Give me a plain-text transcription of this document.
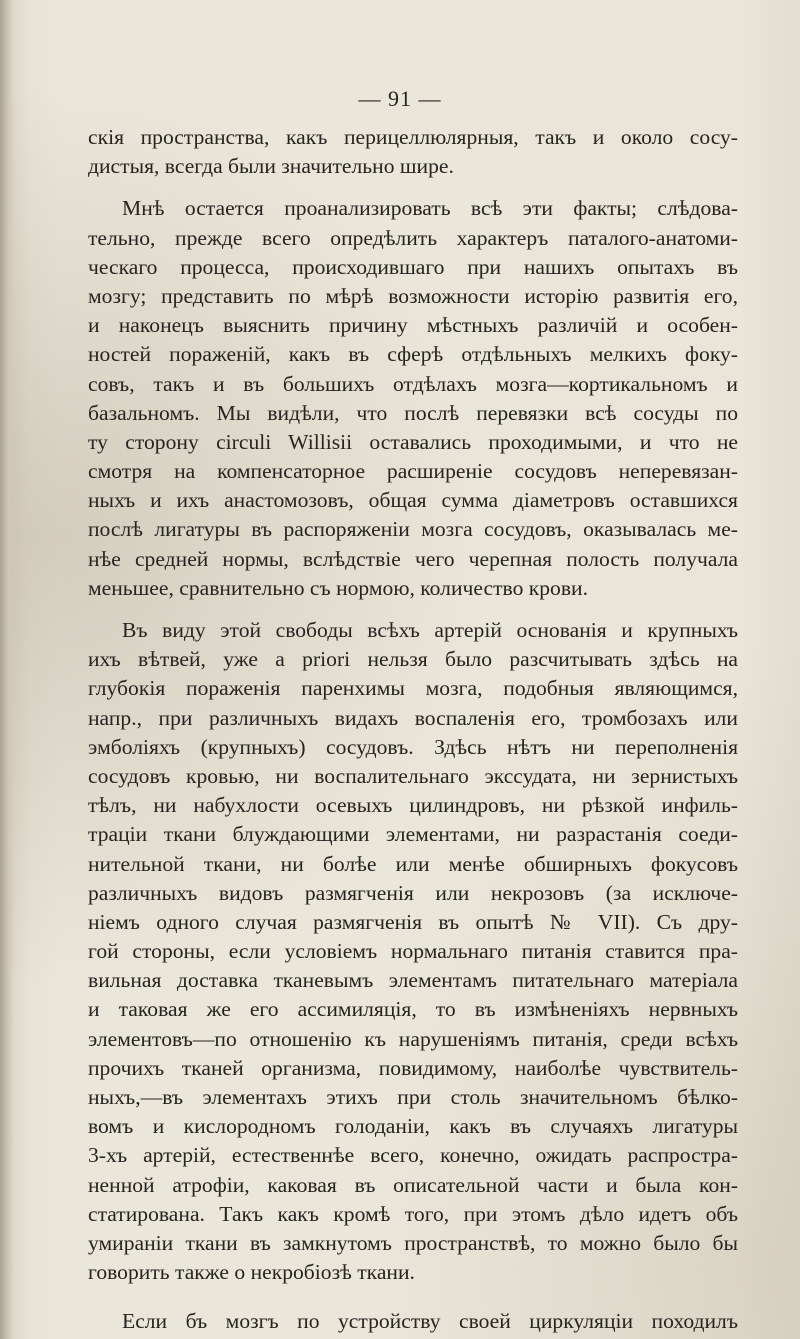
— 91 —
скія пространства, какъ перицеллюлярныя, такъ и около сосу-
дистыя, всегда были значительно шире.
Мнѣ остается проанализировать всѣ эти факты; слѣдова-
тельно, прежде всего опредѣлить характеръ паталого-анатоми-
ческаго процесса, происходившаго при нашихъ опытахъ въ
мозгу; представить по мѣрѣ возможности исторію развитія его,
и наконецъ выяснить причину мѣстныхъ различій и особен-
ностей пораженій, какъ въ сферѣ отдѣльныхъ мелкихъ фоку-
совъ, такъ и въ большихъ отдѣлахъ мозга—кортикальномъ и
базальномъ. Мы видѣли, что послѣ перевязки всѣ сосуды по
ту сторону circuli Willisii оставались проходимыми, и что не
смотря на компенсаторное расширеніе сосудовъ неперевязан-
ныхъ и ихъ анастомозовъ, общая сумма діаметровъ оставшихся
послѣ лигатуры въ распоряженіи мозга сосудовъ, оказывалась ме-
нѣе средней нормы, вслѣдствіе чего черепная полость получала
меньшее, сравнительно съ нормою, количество крови.
Въ виду этой свободы всѣхъ артерій основанія и крупныхъ
ихъ вѣтвей, уже a priori нельзя было разсчитывать здѣсь на
глубокія пораженія паренхимы мозга, подобныя являющимся,
напр., при различныхъ видахъ воспаленія его, тромбозахъ или
эмболіяхъ (крупныхъ) сосудовъ. Здѣсь нѣтъ ни переполненія
сосудовъ кровью, ни воспалительнаго экссудата, ни зернистыхъ
тѣлъ, ни набухлости осевыхъ цилиндровъ, ни рѣзкой инфиль-
траціи ткани блуждающими элементами, ни разрастанія соеди-
нительной ткани, ни болѣе или менѣе обширныхъ фокусовъ
различныхъ видовъ размягченія или некрозовъ (за исключе-
ніемъ одного случая размягченія въ опытѣ № VII). Съ дру-
гой стороны, если условіемъ нормальнаго питанія ставится пра-
вильная доставка тканевымъ элементамъ питательнаго матеріала
и таковая же его ассимиляція, то въ измѣненіяхъ нервныхъ
элементовъ—по отношенію къ нарушеніямъ питанія, среди всѣхъ
прочихъ тканей организма, повидимому, наиболѣе чувствитель-
ныхъ,—въ элементахъ этихъ при столь значительномъ бѣлко-
вомъ и кислородномъ голоданіи, какъ въ случаяхъ лигатуры
3-хъ артерій, естественнѣе всего, конечно, ожидать распростра-
ненной атрофіи, каковая въ описательной части и была кон-
статирована. Такъ какъ кромѣ того, при этомъ дѣло идетъ объ
умираніи ткани въ замкнутомъ пространствѣ, то можно было бы
говорить также о некробіозѣ ткани.
Если бъ мозгъ по устройству своей циркуляціи походилъ
